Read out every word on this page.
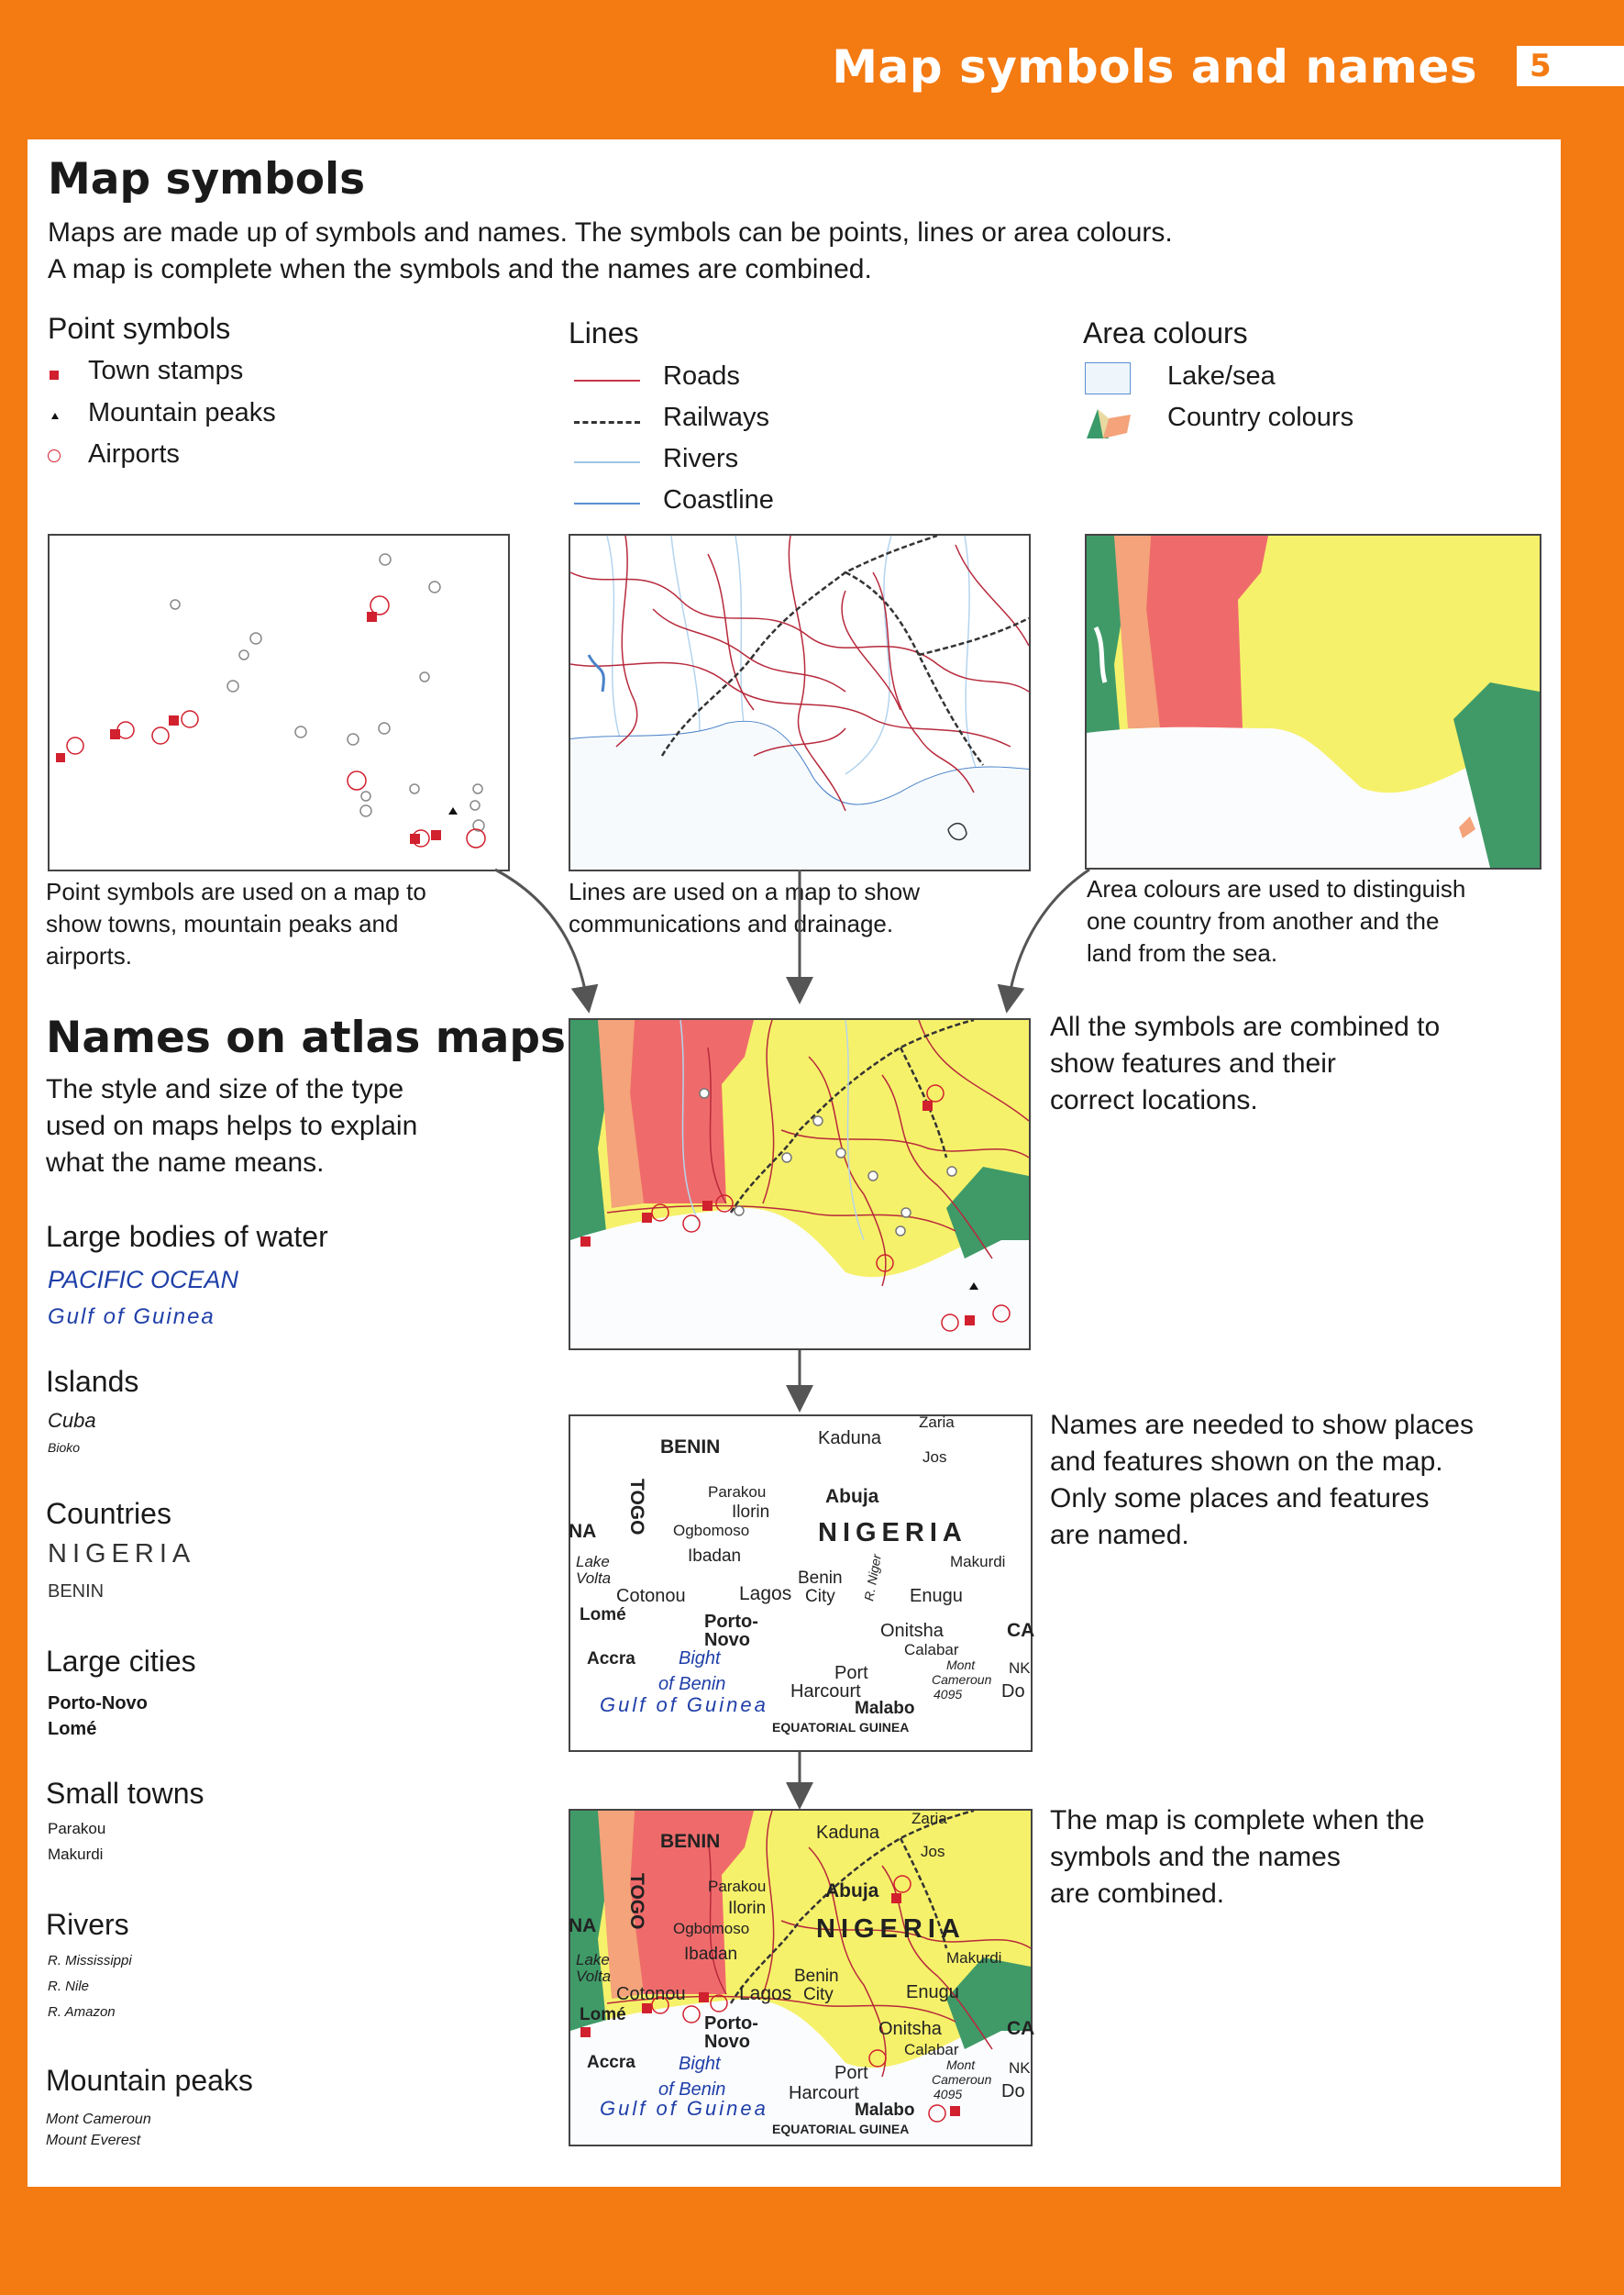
Map symbols and names	5
Map symbols
Maps are made up of symbols and names. The symbols can be points, lines or area colours.
A map is complete when the symbols and the names are combined.
Point symbols
Town stamps
Mountain peaks
Airports
Lines
Roads
Railways
Rivers
Coastline
Area colours
Lake/sea
Country colours
Point symbols are used on a map to
show towns, mountain peaks and
airports.
Lines are used on a map to show
communications and drainage.
Area colours are used to distinguish
one country from another and the
land from the sea.
Names on atlas maps
The style and size of the type
used on maps helps to explain
what the name means.
Large bodies of water
PACIFIC OCEAN
Gulf of Guinea
Islands
Cuba
Bioko
Countries
NIGERIA
BENIN
Large cities
Porto-Novo
Lomé
Small towns
Parakou
Makurdi
Rivers
R. Mississippi
R. Nile
R. Amazon
Mountain peaks
Mont Cameroun
Mount Everest
All the symbols are combined to
show features and their
correct locations.
Names are needed to show places
and features shown on the map.
Only some places and features
are named.
The map is complete when the
symbols and the names
are combined.
BENIN	Kaduna
Zaria
Jos
TOGO	Parakou
Ilorin
Abuja
NA	Ogbomoso	NIGERIA
Ibadan	Makurdi
Lake
Volta	Benin
City R. Niger
Cotonou	Lagos	Enugu
Lomé	Porto-
Novo	Onitsha	CA
Accra Bight	Calabar
Mont
Cameroun
4095
NK
Do
Port
of Benin	Harcourt
Gulf of Guinea	Malabo
EQUATORIAL GUINEA
BENIN	Kaduna
Zaria
Jos
TOGO	Parakou
Ilorin
Abuja
NA	Ogbomoso	NIGERIA
Ibadan	Makurdi
Lake
Volta	Benin
City
Cotonou	Lagos	Enugu
Lomé	Porto-
Novo
Onitsha	CA
Accra Bight
Calabar
Mont
Cameroun
4095
NK
Do
Port
of Benin	Harcourt
Gulf of Guinea	Malabo
EQUATORIAL GUINEA
